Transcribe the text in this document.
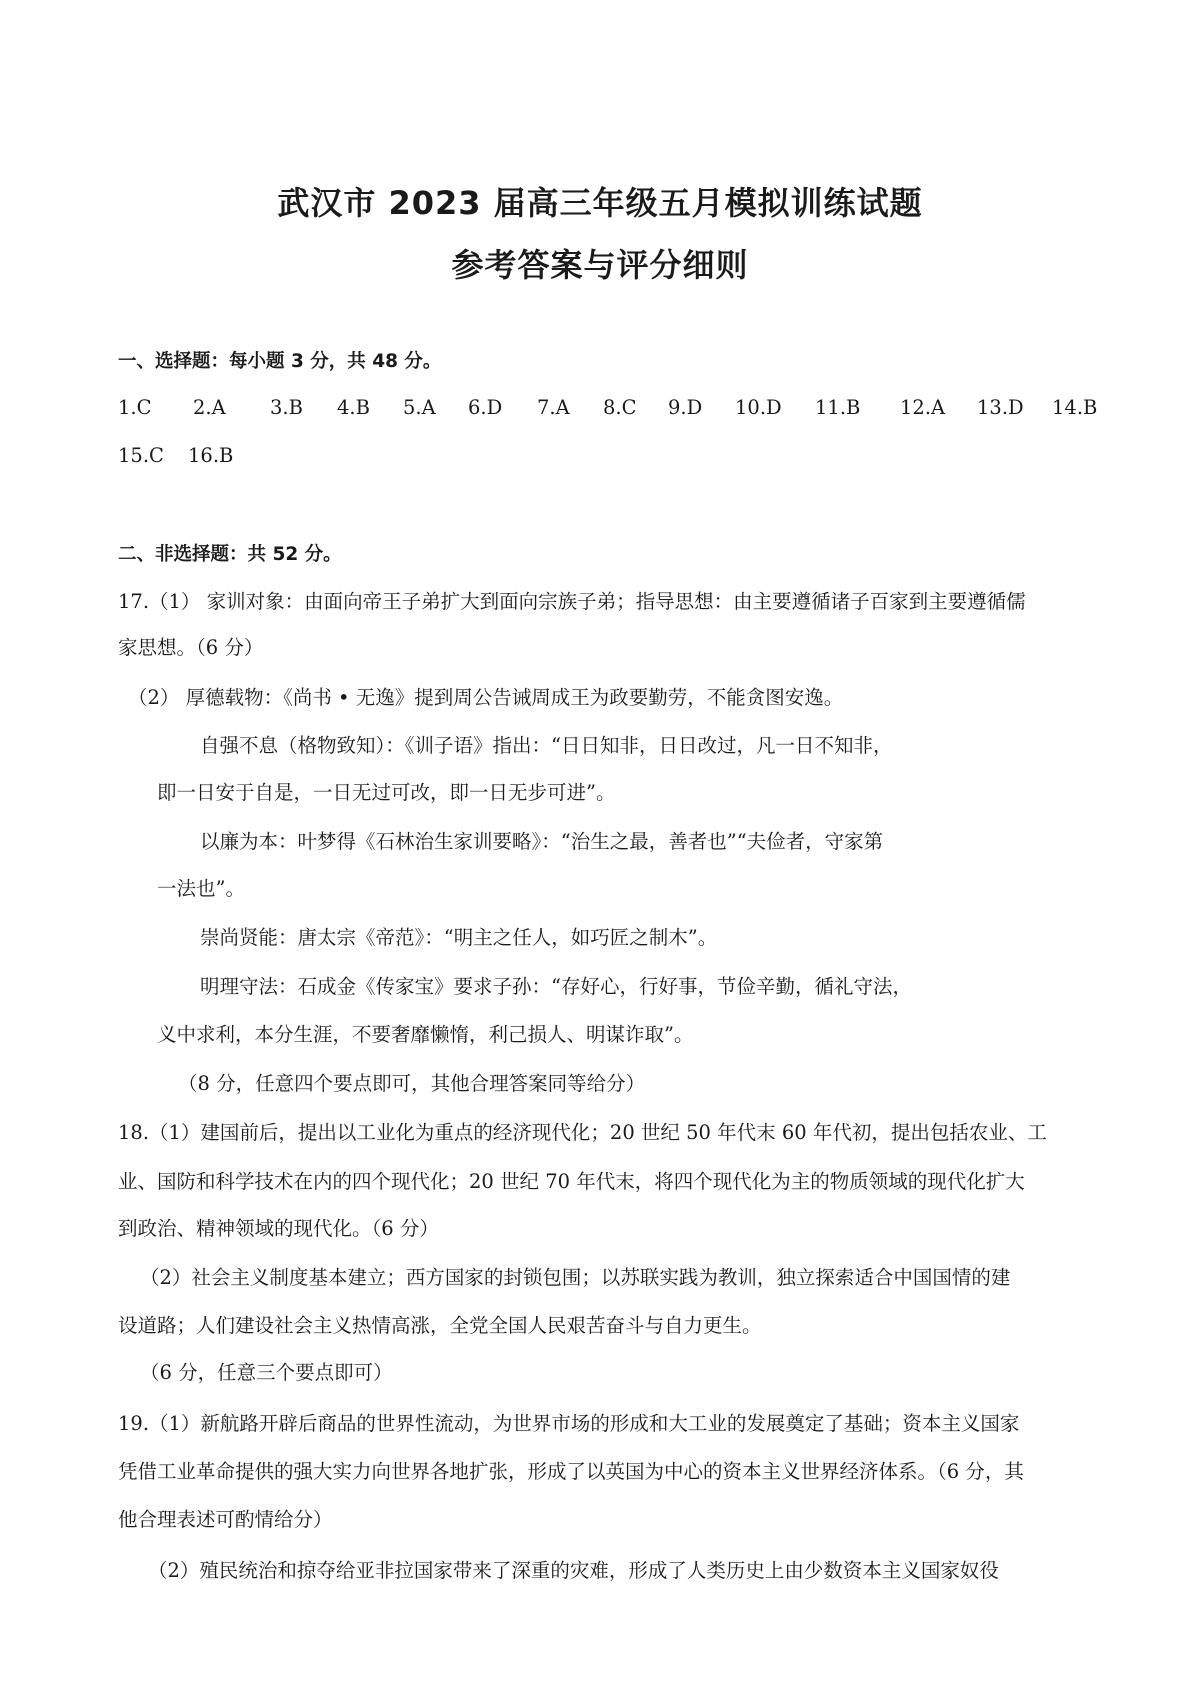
武汉市 2023 届高三年级五月模拟训练试题
参考答案与评分细则
一、选择题：每小题 3 分，共 48 分。
1.C 2.A 3.B 4.B 5.A 6.D 7.A 8.C 9.D 10.D 11.B 12.A 13.D 14.B
15.C 16.B
二、非选择题：共 52 分。
17.（1） 家训对象：由面向帝王子弟扩大到面向宗族子弟；指导思想：由主要遵循诸子百家到主要遵循儒
家思想。（6 分）
（2） 厚德载物：《尚书 • 无逸》提到周公告诫周成王为政要勤劳，不能贪图安逸。
自强不息（格物致知）：《训子语》指出：“日日知非，日日改过，凡一日不知非，
即一日安于自是，一日无过可改，即一日无步可进”。
以廉为本：叶梦得《石林治生家训要略》：“治生之最，善者也”“夫俭者，守家第
一法也”。
崇尚贤能：唐太宗《帝范》：“明主之任人，如巧匠之制木”。
明理守法：石成金《传家宝》要求子孙：“存好心，行好事，节俭辛勤，循礼守法，
义中求利，本分生涯，不要奢靡懒惰，利己损人、明谋诈取”。
（8 分，任意四个要点即可，其他合理答案同等给分）
18.（1）建国前后，提出以工业化为重点的经济现代化；20 世纪 50 年代末 60 年代初，提出包括农业、工
业、国防和科学技术在内的四个现代化；20 世纪 70 年代末，将四个现代化为主的物质领域的现代化扩大
到政治、精神领域的现代化。（6 分）
（2）社会主义制度基本建立；西方国家的封锁包围；以苏联实践为教训，独立探索适合中国国情的建
设道路；人们建设社会主义热情高涨，全党全国人民艰苦奋斗与自力更生。
（6 分，任意三个要点即可）
19.（1）新航路开辟后商品的世界性流动，为世界市场的形成和大工业的发展奠定了基础；资本主义国家
凭借工业革命提供的强大实力向世界各地扩张，形成了以英国为中心的资本主义世界经济体系。（6 分，其
他合理表述可酌情给分）
（2）殖民统治和掠夺给亚非拉国家带来了深重的灾难，形成了人类历史上由少数资本主义国家奴役
